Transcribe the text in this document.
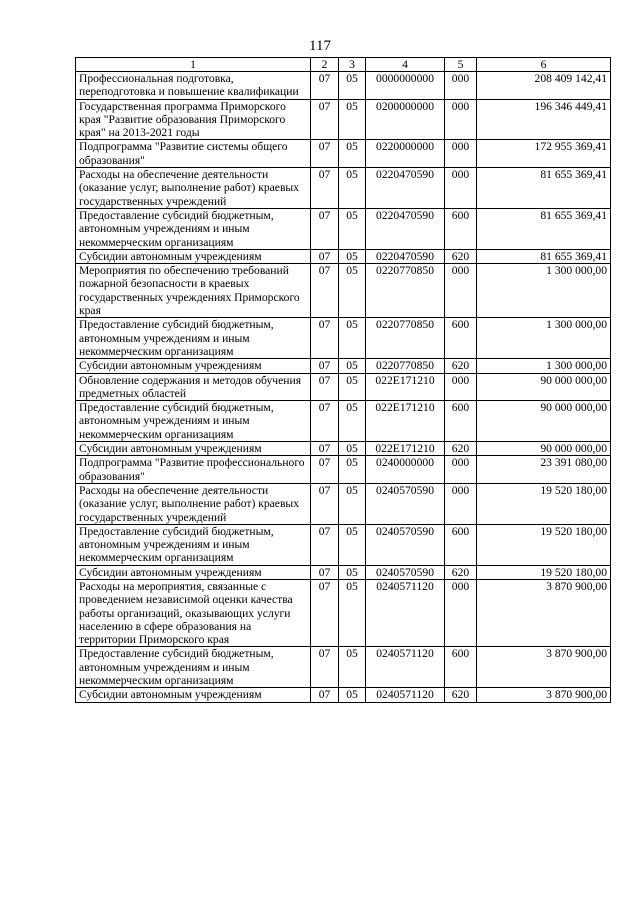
117
1	2	3	4	5	6
Профессиональная подготовка, переподготовка и повышение квалификации	07	05	0000000000	000	208 409 142,41
Государственная программа Приморского края "Развитие образования Приморского края" на 2013-2021 годы	07	05	0200000000	000	196 346 449,41
Подпрограмма "Развитие системы общего образования"	07	05	0220000000	000	172 955 369,41
Расходы на обеспечение деятельности (оказание услуг, выполнение работ) краевых государственных учреждений	07	05	0220470590	000	81 655 369,41
Предоставление субсидий бюджетным, автономным учреждениям и иным некоммерческим организациям	07	05	0220470590	600	81 655 369,41
Субсидии автономным учреждениям	07	05	0220470590	620	81 655 369,41
Мероприятия по обеспечению требований пожарной безопасности в краевых государственных учреждениях Приморского края	07	05	0220770850	000	1 300 000,00
Предоставление субсидий бюджетным, автономным учреждениям и иным некоммерческим организациям	07	05	0220770850	600	1 300 000,00
Субсидии автономным учреждениям	07	05	0220770850	620	1 300 000,00
Обновление содержания и методов обучения предметных областей	07	05	022E171210	000	90 000 000,00
Предоставление субсидий бюджетным, автономным учреждениям и иным некоммерческим организациям	07	05	022E171210	600	90 000 000,00
Субсидии автономным учреждениям	07	05	022E171210	620	90 000 000,00
Подпрограмма "Развитие профессионального образования"	07	05	0240000000	000	23 391 080,00
Расходы на обеспечение деятельности (оказание услуг, выполнение работ) краевых государственных учреждений	07	05	0240570590	000	19 520 180,00
Предоставление субсидий бюджетным, автономным учреждениям и иным некоммерческим организациям	07	05	0240570590	600	19 520 180,00
Субсидии автономным учреждениям	07	05	0240570590	620	19 520 180,00
Расходы на мероприятия, связанные с проведением независимой оценки качества работы организаций, оказывающих услуги населению в сфере образования на территории Приморского края	07	05	0240571120	000	3 870 900,00
Предоставление субсидий бюджетным, автономным учреждениям и иным некоммерческим организациям	07	05	0240571120	600	3 870 900,00
Субсидии автономным учреждениям	07	05	0240571120	620	3 870 900,00
